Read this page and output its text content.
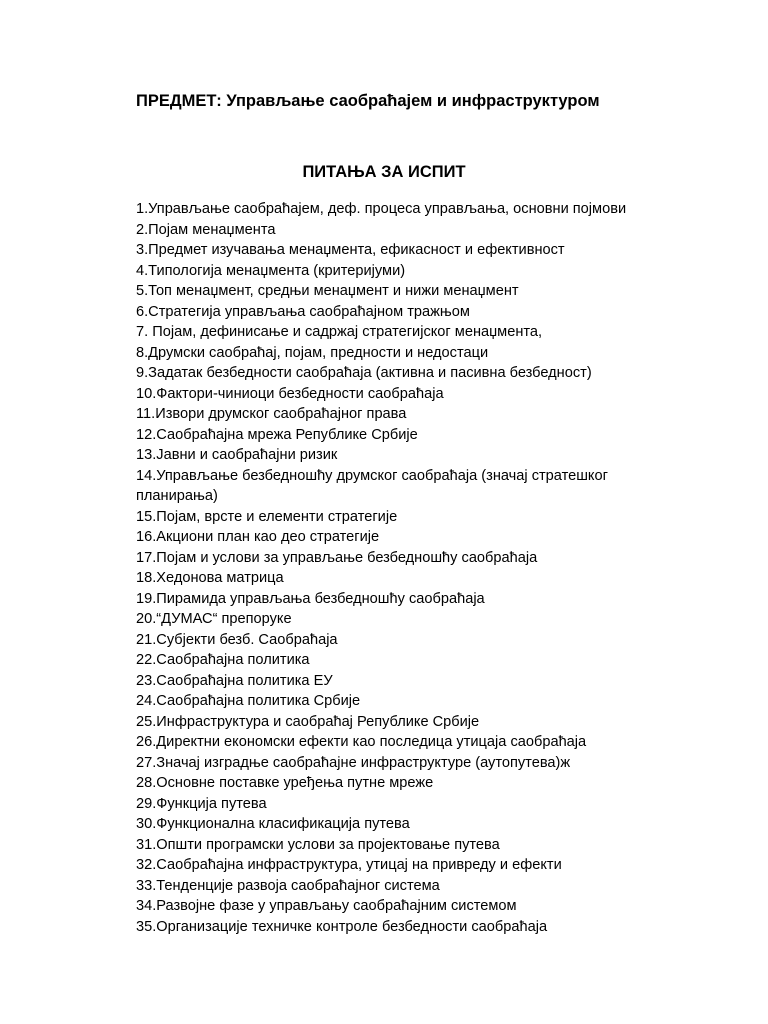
ПРЕДМЕТ: Управљање саобраћајем и инфраструктуром
ПИТАЊА ЗА ИСПИТ
1.Управљање саобраћајем, деф. процеса управљања, основни појмови
2.Појам менаџмента
3.Предмет изучавања менаџмента, ефикасност и ефективност
4.Типологија менаџмента (критеријуми)
5.Топ менаџмент, средњи менаџмент и нижи менаџмент
6.Стратегија управљања саобраћајном тражњом
7. Појам, дефинисање и садржај стратегијског менаџмента,
8.Друмски саобраћај, појам, предности и недостаци
9.Задатак безбедности саобраћаја (активна и пасивна безбедност)
10.Фактори-чиниоци безбедности саобраћаја
11.Извори друмског саобраћајног права
12.Саобраћајна мрежа Републике Србије
13.Јавни и саобраћајни ризик
14.Управљање безбедношћу друмског саобраћаја (значај стратешког планирања)
15.Појам, врсте и елементи стратегије
16.Акциони план као део стратегије
17.Појам и услови за управљање безбедношћу саобраћаја
18.Хедонова матрица
19.Пирамида управљања безбедношћу саобраћаја
20.“ДУМАС“ препоруке
21.Субјекти безб. Саобраћаја
22.Саобраћајна политика
23.Саобраћајна политика ЕУ
24.Саобраћајна политика Србије
25.Инфраструктура и саобраћај Републике Србије
26.Директни економски ефекти као последица утицаја саобраћаја
27.Значај изградње саобраћајне инфраструктуре (аутопутева)ж
28.Основне поставке уређења путне мреже
29.Функција путева
30.Функционална класификација путева
31.Општи програмски услови за пројектовање путева
32.Саобраћајна инфраструктура, утицај на привреду и ефекти
33.Тенденције развоја саобраћајног система
34.Развојне фазе у управљању саобраћајним системом
35.Организације техничке контроле безбедности саобраћаја
